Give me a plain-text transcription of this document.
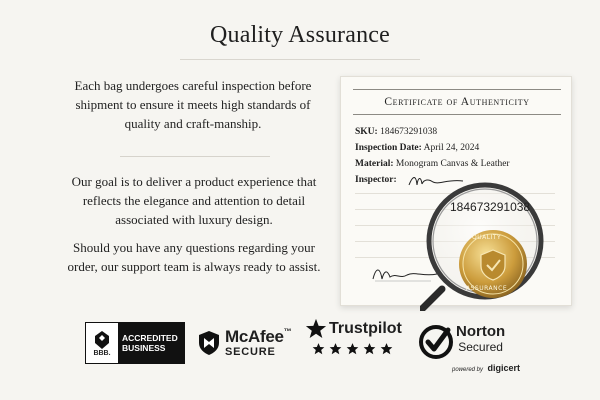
Quality Assurance
Each bag undergoes careful inspection before shipment to ensure it meets high standards of quality and craft-manship.
Our goal is to deliver a product experience that reflects the elegance and attention to detail associated with luxury design.
Should you have any questions regarding your order, our support team is always ready to assist.
Certificate of Authenticity
SKU: 184673291038
Inspection Date: April 24, 2024
Material: Monogram Canvas & Leather
Inspector:
184673291038
QUALITY
ASSURANCE
BBB.
ACCREDITED
BUSINESS
McAfee™
SECURE
Trustpilot	Norton
Secured
powered by digicert
